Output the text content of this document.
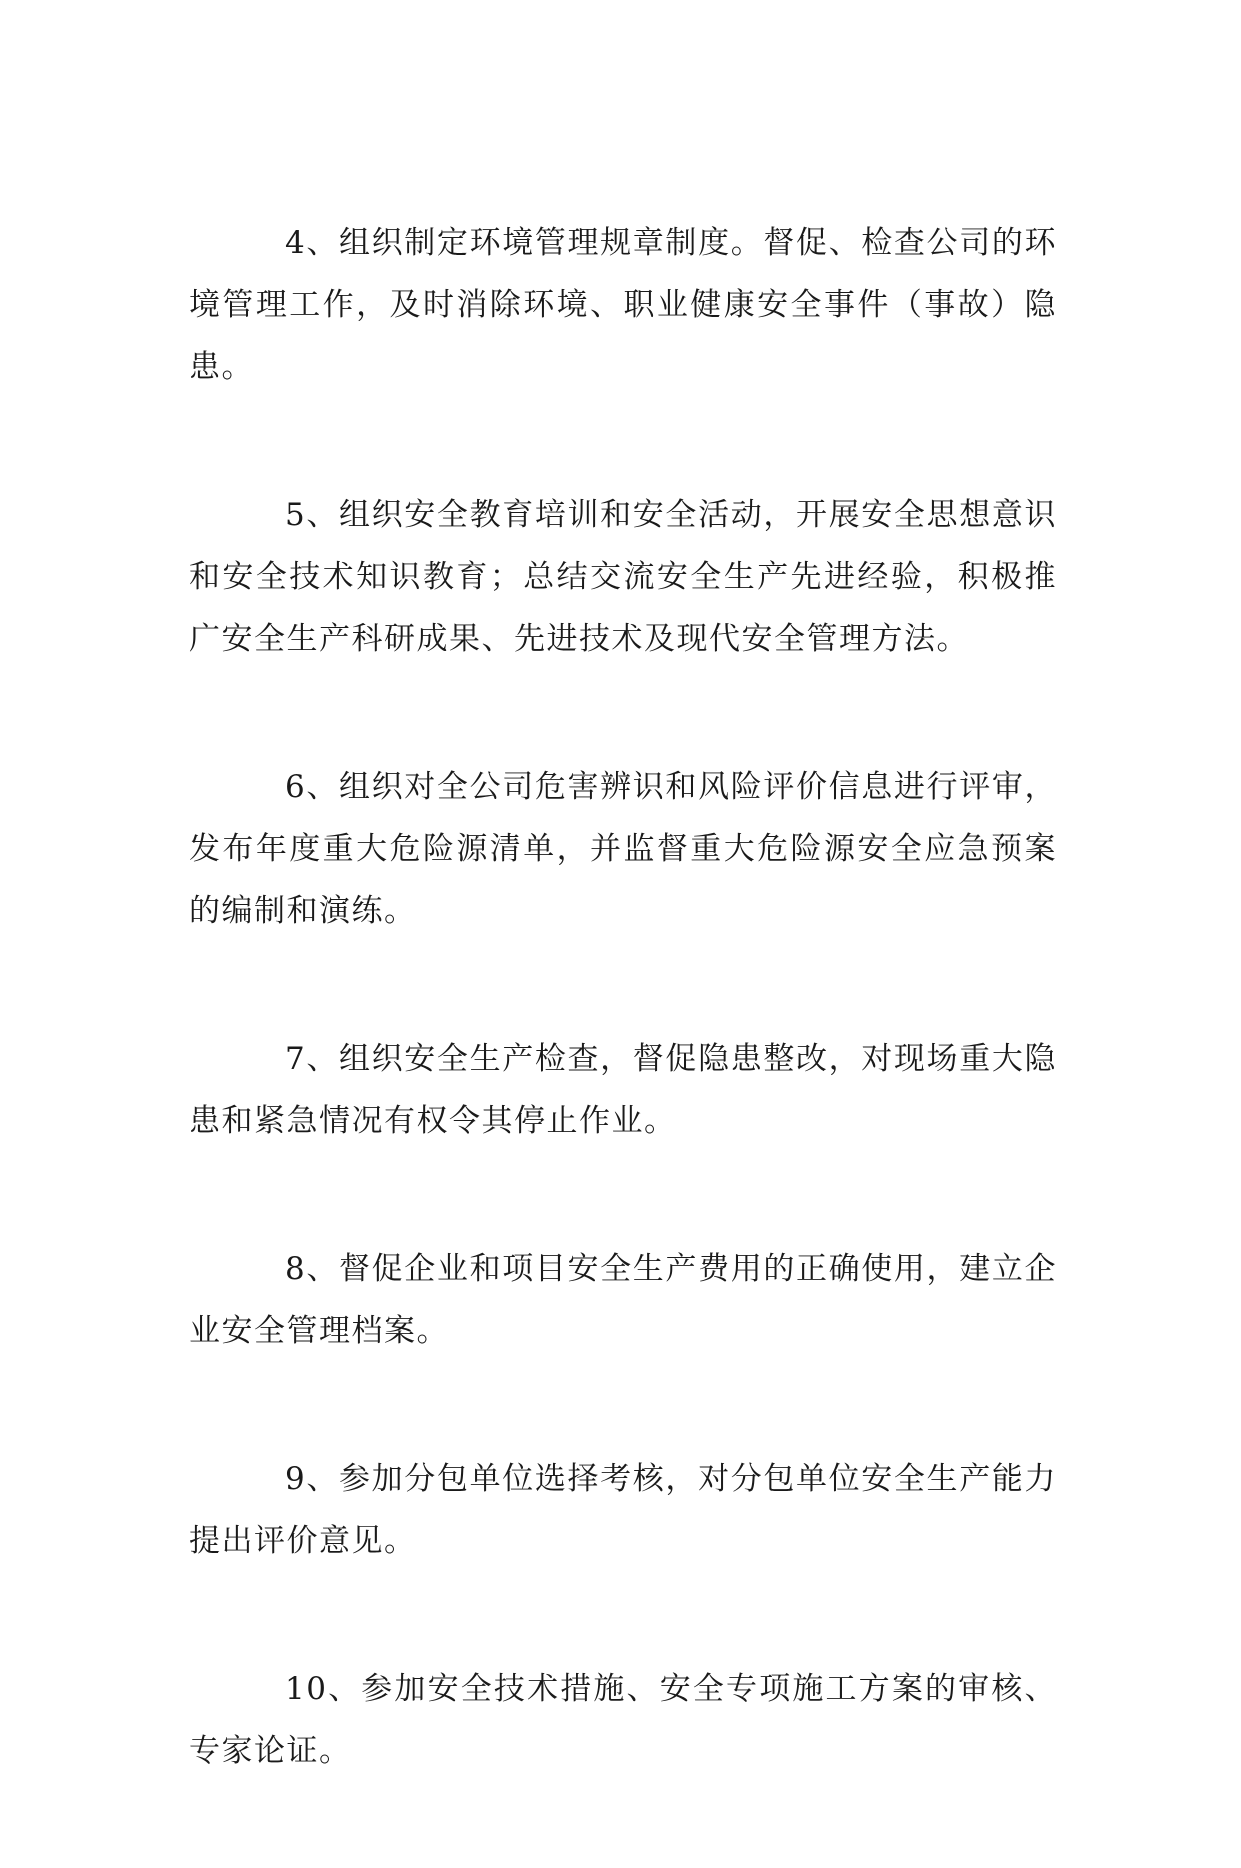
4、组织制定环境管理规章制度。督促、检查公司的环境管理工作，及时消除环境、职业健康安全事件（事故）隐患。

5、组织安全教育培训和安全活动，开展安全思想意识和安全技术知识教育；总结交流安全生产先进经验，积极推广安全生产科研成果、先进技术及现代安全管理方法。

6、组织对全公司危害辨识和风险评价信息进行评审，发布年度重大危险源清单，并监督重大危险源安全应急预案的编制和演练。

7、组织安全生产检查，督促隐患整改，对现场重大隐患和紧急情况有权令其停止作业。

8、督促企业和项目安全生产费用的正确使用，建立企业安全管理档案。

9、参加分包单位选择考核，对分包单位安全生产能力提出评价意见。

10、参加安全技术措施、安全专项施工方案的审核、专家论证。
